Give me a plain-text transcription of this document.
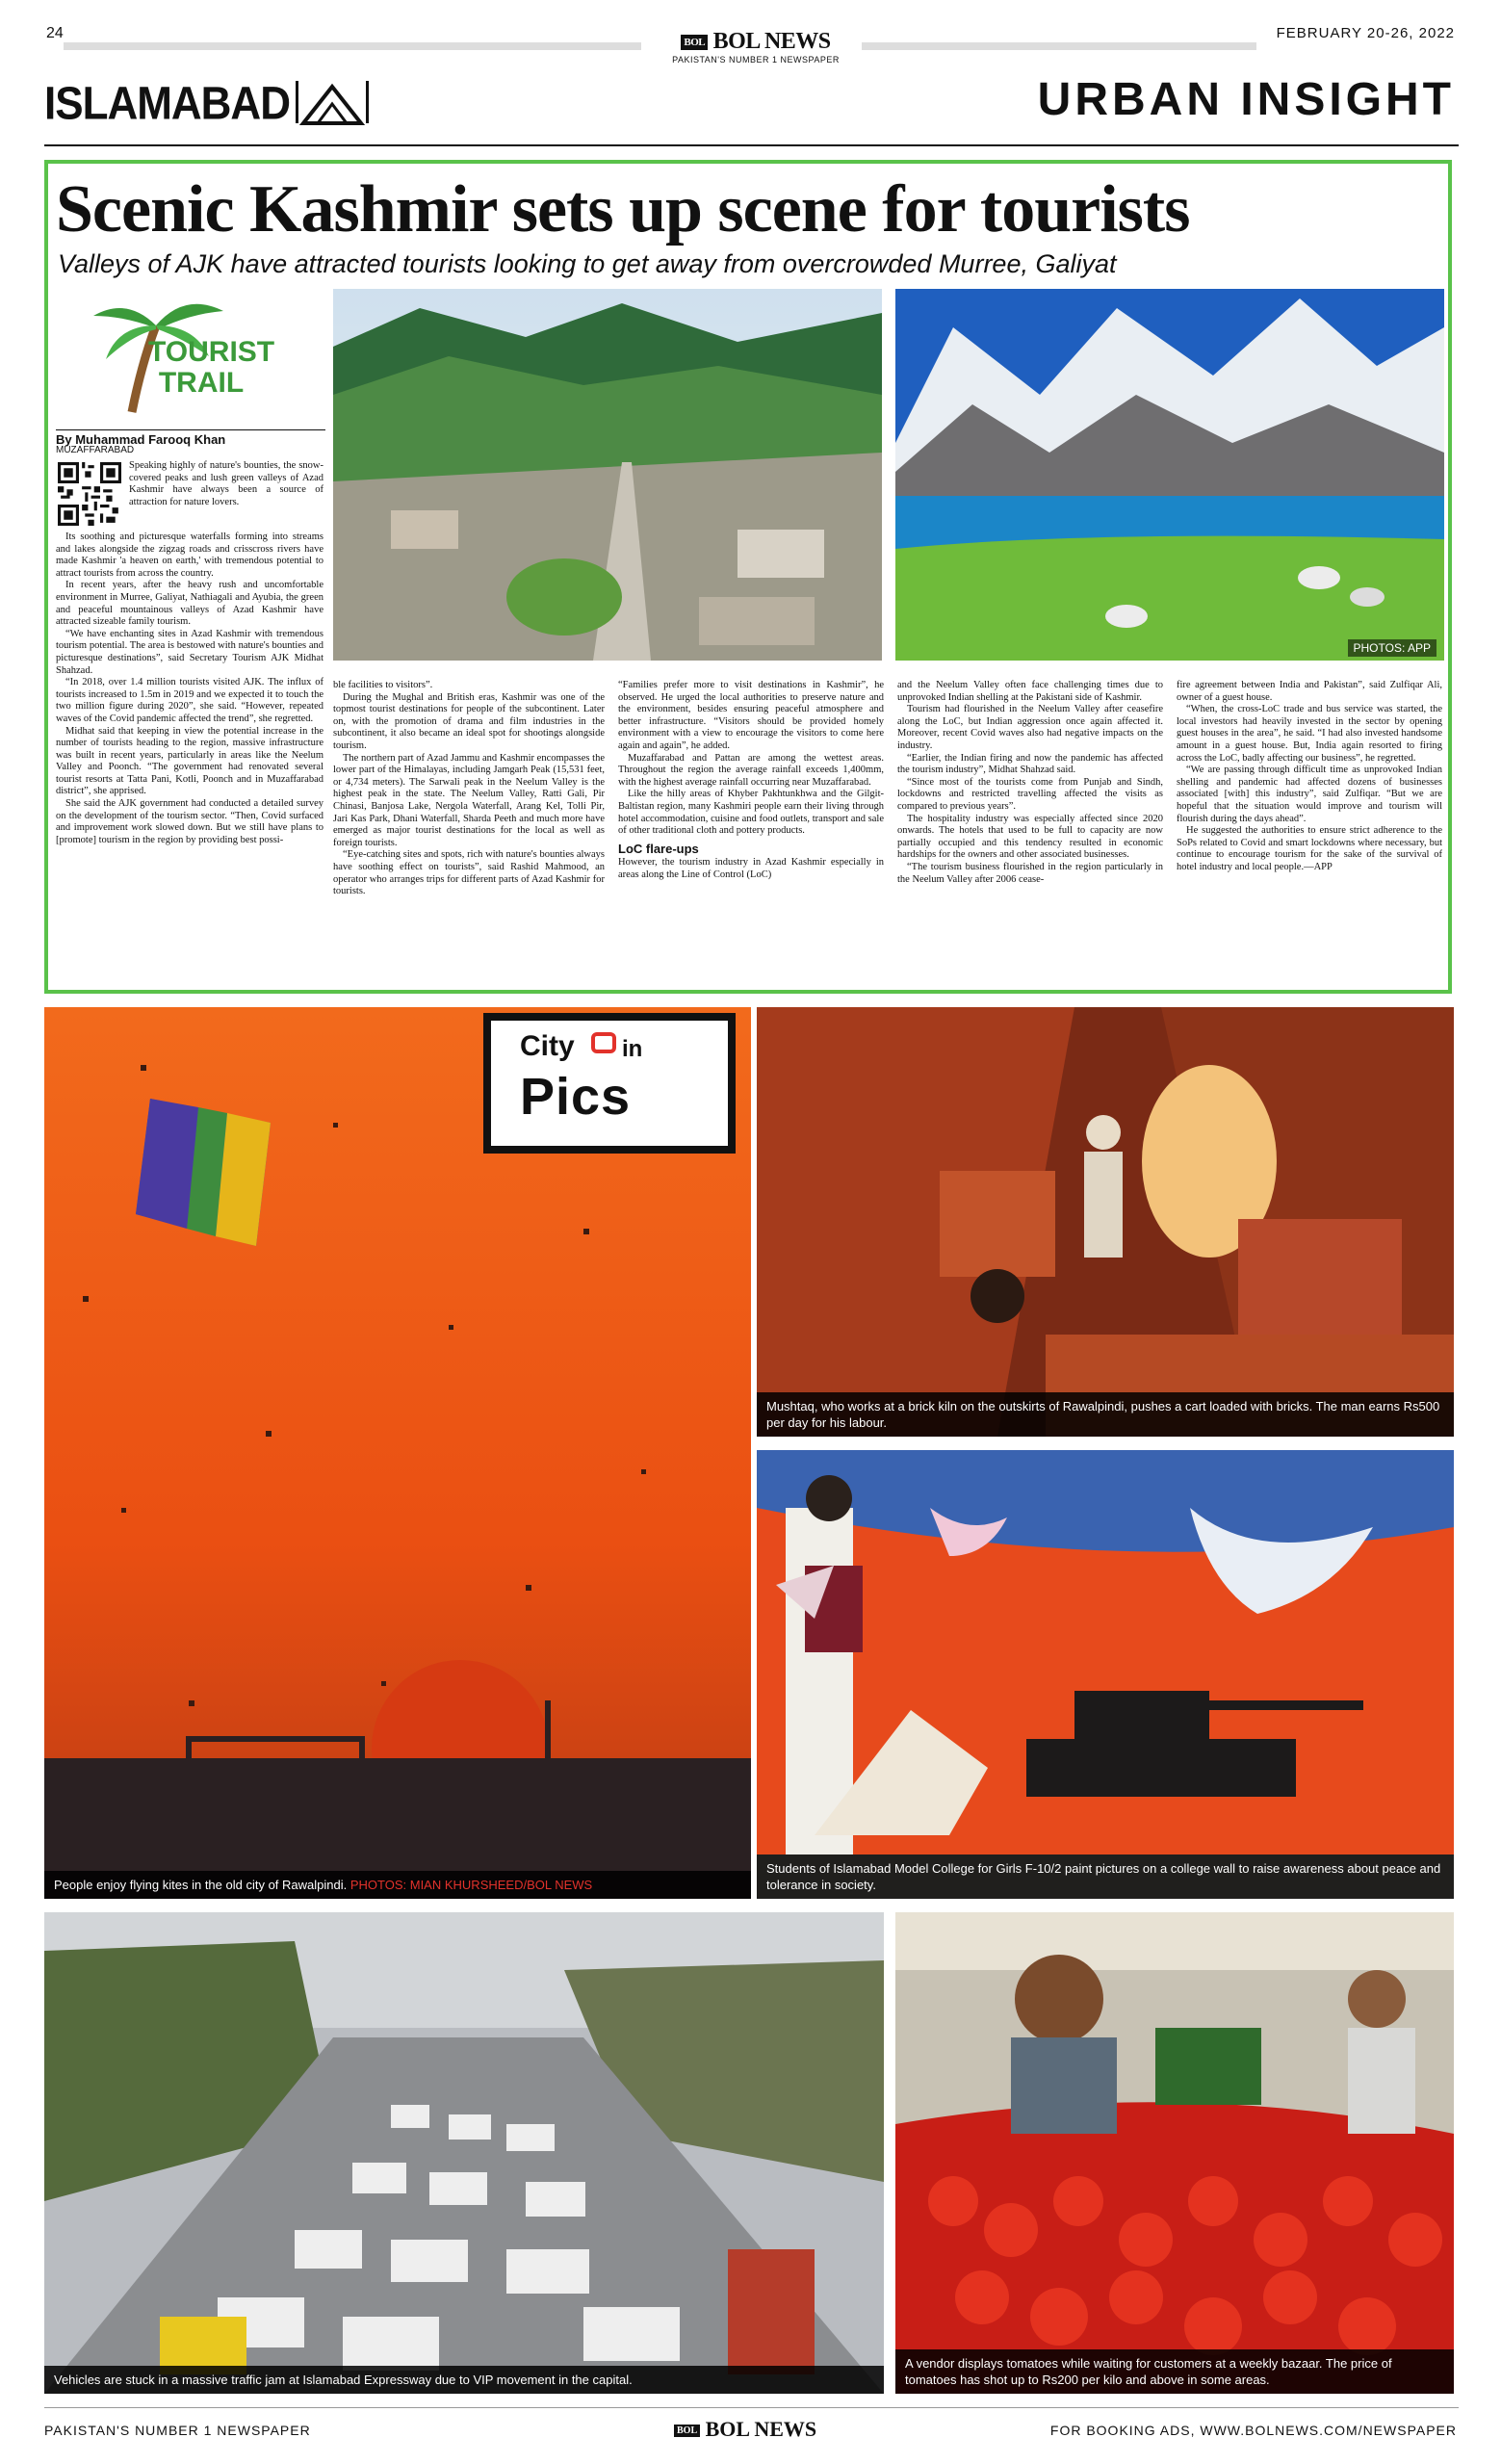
24
BOL BOL NEWS
PAKISTAN'S NUMBER 1 NEWSPAPER
FEBRUARY 20-26, 2022
ISLAMABAD	URBAN INSIGHT
Scenic Kashmir sets up scene for tourists
Valleys of AJK have attracted tourists looking to get away from overcrowded Murree, Galiyat
TOURIST TRAIL
PHOTOS: APP
By Muhammad Farooq Khan
MUZAFFARABAD
Speaking highly of nature's bounties, the snow-covered peaks and lush green valleys of Azad Kashmir have always been a source of attraction for nature lovers.

Its soothing and picturesque waterfalls forming into streams and lakes alongside the zigzag roads and crisscross rivers have made Kashmir 'a heaven on earth,' with tremendous potential to attract tourists from across the country.

In recent years, after the heavy rush and uncomfortable environment in Murree, Galiyat, Nathiagali and Ayubia, the green and peaceful mountainous valleys of Azad Kashmir have attracted sizeable family tourism.

“We have enchanting sites in Azad Kashmir with tremendous tourism potential. The area is bestowed with nature's bounties and picturesque destinations”, said Secretary Tourism AJK Midhat Shahzad.

“In 2018, over 1.4 million tourists visited AJK. The influx of tourists increased to 1.5m in 2019 and we expected it to touch the two million figure during 2020”, she said. “However, repeated waves of the Covid pandemic affected the trend”, she regretted.

Midhat said that keeping in view the potential increase in the number of tourists heading to the region, massive infrastructure was built in recent years, particularly in areas like the Neelum Valley and Poonch. “The government had renovated several tourist resorts at Tatta Pani, Kotli, Poonch and in Muzaffarabad district”, she apprised.

She said the AJK government had conducted a detailed survey on the development of the tourism sector. “Then, Covid surfaced and improvement work slowed down. But we still have plans to [promote] tourism in the region by providing best possi-

ble facilities to visitors”.

During the Mughal and British eras, Kashmir was one of the topmost tourist destinations for people of the subcontinent. Later on, with the promotion of drama and film industries in the subcontinent, it also became an ideal spot for shootings alongside tourism.

The northern part of Azad Jammu and Kashmir encompasses the lower part of the Himalayas, including Jamgarh Peak (15,531 feet, or 4,734 meters). The Sarwali peak in the Neelum Valley is the highest peak in the state. The Neelum Valley, Ratti Gali, Pir Chinasi, Banjosa Lake, Nergola Waterfall, Arang Kel, Tolli Pir, Jari Kas Park, Dhani Waterfall, Sharda Peeth and much more have emerged as major tourist destinations for the local as well as foreign tourists.

“Eye-catching sites and spots, rich with nature's bounties always have soothing effect on tourists”, said Rashid Mahmood, an operator who arranges trips for different parts of Azad Kashmir for tourists.

“Families prefer more to visit destinations in Kashmir”, he observed. He urged the local authorities to preserve nature and the environment, besides ensuring peaceful atmosphere and better infrastructure. “Visitors should be provided homely environment with a view to encourage the visitors to come here again and again”, he added.

Muzaffarabad and Pattan are among the wettest areas. Throughout the region the average rainfall exceeds 1,400mm, with the highest average rainfall occurring near Muzaffarabad.

Like the hilly areas of Khyber Pakhtunkhwa and the Gilgit-Baltistan region, many Kashmiri people earn their living through hotel accommodation, cuisine and food outlets, transport and sale of other traditional cloth and pottery products.

LoC flare-ups

However, the tourism industry in Azad Kashmir especially in areas along the Line of Control (LoC)

and the Neelum Valley often face challenging times due to unprovoked Indian shelling at the Pakistani side of Kashmir.

Tourism had flourished in the Neelum Valley after ceasefire along the LoC, but Indian aggression once again affected it. Moreover, recent Covid waves also had negative impacts on the industry.

“Earlier, the Indian firing and now the pandemic has affected the tourism industry”, Midhat Shahzad said.

“Since most of the tourists come from Punjab and Sindh, lockdowns and restricted travelling affected the visits as compared to previous years”.

The hospitality industry was especially affected since 2020 onwards. The hotels that used to be full to capacity are now partially occupied and this tendency resulted in economic hardships for the owners and other associated businesses.

“The tourism business flourished in the region particularly in the Neelum Valley after 2006 cease-

fire agreement between India and Pakistan”, said Zulfiqar Ali, owner of a guest house.

“When, the cross-LoC trade and bus service was started, the local investors had heavily invested in the sector by opening guest houses in the area”, he said. “I had also invested handsome amount in a guest house. But, India again resorted to firing across the LoC, badly affecting our business”, he regretted.

“We are passing through difficult time as unprovoked Indian shelling and pandemic had affected dozens of businesses associated [with] this industry”, said Zulfiqar. “But we are hopeful that the situation would improve and tourism will flourish during the days ahead”.

He suggested the authorities to ensure strict adherence to the SoPs related to Covid and smart lockdowns where necessary, but continue to encourage tourism for the sake of the survival of hotel industry and local people.—APP

City in
Pics
People enjoy flying kites in the old city of Rawalpindi. PHOTOS: MIAN KHURSHEED/BOL NEWS
Mushtaq, who works at a brick kiln on the outskirts of Rawalpindi, pushes a cart loaded with bricks. The man earns Rs500 per day for his labour.
Students of Islamabad Model College for Girls F-10/2 paint pictures on a college wall to raise awareness about peace and tolerance in society.
Vehicles are stuck in a massive traffic jam at Islamabad Expressway due to VIP movement in the capital.
A vendor displays tomatoes while waiting for customers at a weekly bazaar. The price of tomatoes has shot up to Rs200 per kilo and above in some areas.
PAKISTAN'S NUMBER 1 NEWSPAPER	BOL BOL NEWS	FOR BOOKING ADS, WWW.BOLNEWS.COM/NEWSPAPER
